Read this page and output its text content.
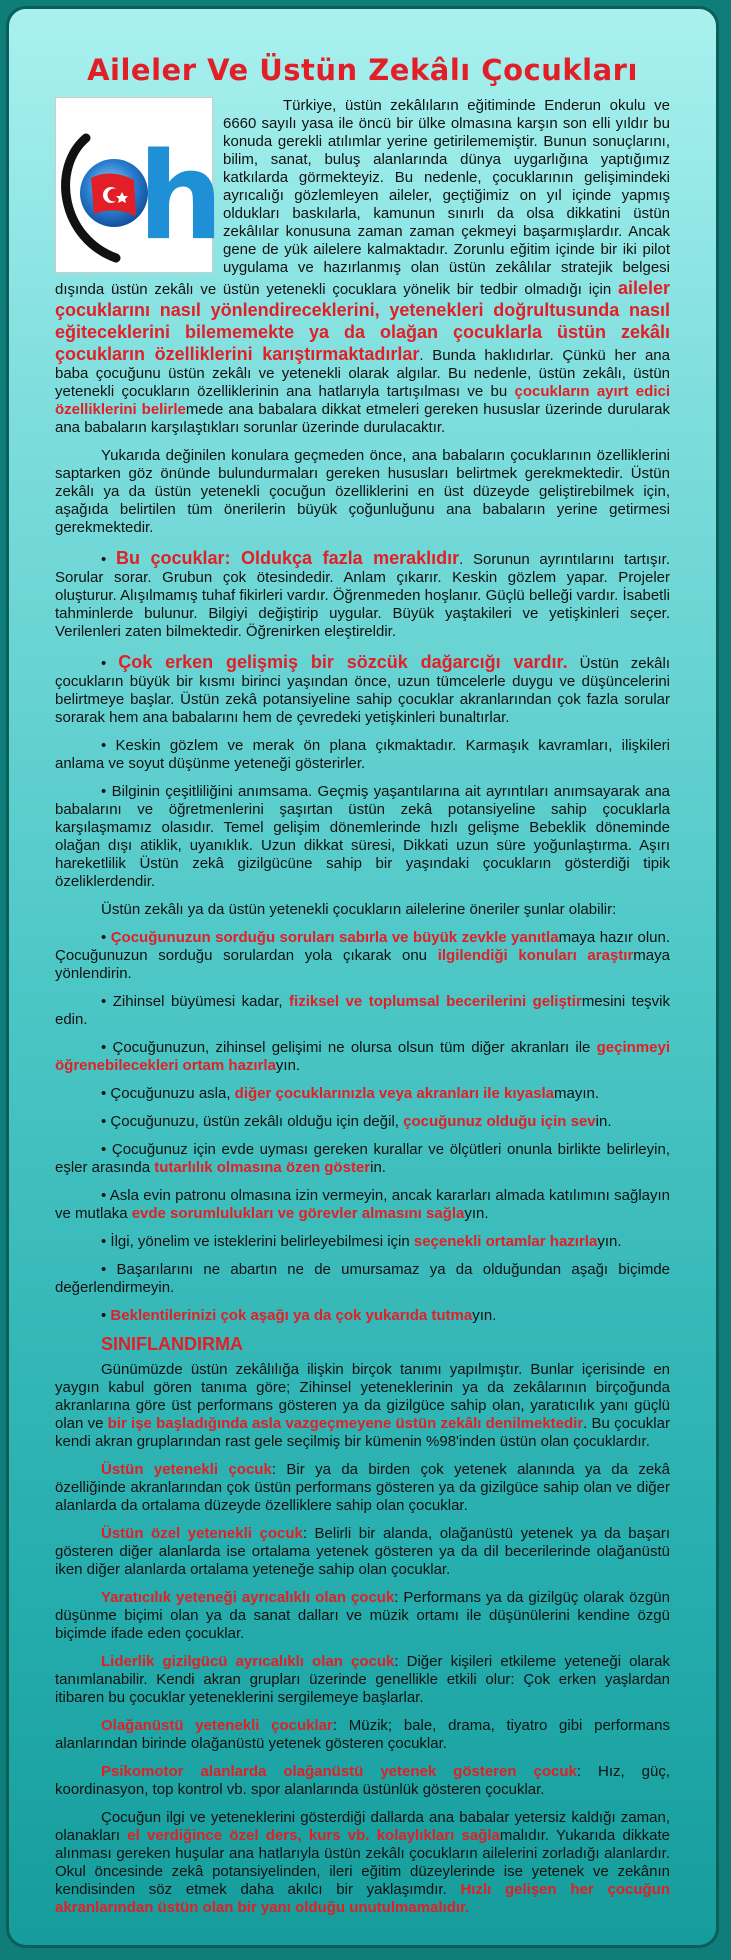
Aileler Ve Üstün Zekâlı Çocukları
h

Türkiye, üstün zekâlıların eğitiminde Enderun okulu ve 6660 sayılı yasa ile öncü bir ülke olmasına karşın son elli yıldır bu konuda gerekli atılımlar yerine getirilememiştir. Bunun sonuçlarını, bilim, sanat, buluş alanlarında dünya uygarlığına yaptığımız katkılarda görmekteyiz. Bu nedenle, çocuklarının gelişimindeki ayrıcalığı gözlemleyen aileler, geçtiğimiz on yıl içinde yapmış oldukları baskılarla, kamunun sınırlı da olsa dikkatini üstün zekâlılar konusuna zaman zaman çekmeyi başarmışlardır. Ancak gene de yük ailelere kalmaktadır. Zorunlu eğitim içinde bir iki pilot uygulama ve hazırlanmış olan üstün zekâlılar stratejik belgesi dışında üstün zekâlı ve üstün yetenekli çocuklara yönelik bir tedbir olmadığı için aileler çocuklarını nasıl yönlendireceklerini, yetenekleri doğrultusunda nasıl eğiteceklerini bilememekte ya da olağan çocuklarla üstün zekâlı çocukların özelliklerini karıştırmaktadırlar. Bunda haklıdırlar. Çünkü her ana baba çocuğunu üstün zekâlı ve yetenekli olarak algılar. Bu nedenle, üstün zekâlı, üstün yetenekli çocukların özelliklerinin ana hatlarıyla tartışılması ve bu çocukların ayırt edici özelliklerini belirlemede ana babalara dikkat etmeleri gereken hususlar üzerinde durularak ana babaların karşılaştıkları sorunlar üzerinde durulacaktır.

Yukarıda değinilen konulara geçmeden önce, ana babaların çocuklarının özelliklerini saptarken göz önünde bulundurmaları gereken hususları belirtmek gerekmektedir. Üstün zekâlı ya da üstün yetenekli çocuğun özelliklerini en üst düzeyde geliştirebilmek için, aşağıda belirtilen tüm önerilerin büyük çoğunluğunu ana babaların yerine getirmesi gerekmektedir.

• Bu çocuklar: Oldukça fazla meraklıdır. Sorunun ayrıntılarını tartışır. Sorular sorar. Grubun çok ötesindedir. Anlam çıkarır. Keskin gözlem yapar. Projeler oluşturur. Alışılmamış tuhaf fikirleri vardır. Öğrenmeden hoşlanır. Güçlü belleği vardır. İsabetli tahminlerde bulunur. Bilgiyi değiştirip uygular. Büyük yaştakileri ve yetişkinleri seçer. Verilenleri zaten bilmektedir. Öğrenirken eleştireldir.

• Çok erken gelişmiş bir sözcük dağarcığı vardır. Üstün zekâlı çocukların büyük bir kısmı birinci yaşından önce, uzun tümcelerle duygu ve düşüncelerini belirtmeye başlar. Üstün zekâ potansiyeline sahip çocuklar akranlarından çok fazla sorular sorarak hem ana babalarını hem de çevredeki yetişkinleri bunaltırlar.

• Keskin gözlem ve merak ön plana çıkmaktadır. Karmaşık kavramları, ilişkileri anlama ve soyut düşünme yeteneği gösterirler.

• Bilginin çeşitliliğini anımsama. Geçmiş yaşantılarına ait ayrıntıları anımsayarak ana babalarını ve öğretmenlerini şaşırtan üstün zekâ potansiyeline sahip çocuklarla karşılaşmamız olasıdır. Temel gelişim dönemlerinde hızlı gelişme Bebeklik döneminde olağan dışı atiklik, uyanıklık. Uzun dikkat süresi, Dikkati uzun süre yoğunlaştırma. Aşırı hareketlilik Üstün zekâ gizilgücüne sahip bir yaşındaki çocukların gösterdiği tipik özeliklerdendir.

Üstün zekâlı ya da üstün yetenekli çocukların ailelerine öneriler şunlar olabilir:

• Çocuğunuzun sorduğu soruları sabırla ve büyük zevkle yanıtlamaya hazır olun. Çocuğunuzun sorduğu sorulardan yola çıkarak onu ilgilendiği konuları araştırmaya yönlendirin.

• Zihinsel büyümesi kadar, fiziksel ve toplumsal becerilerini geliştirmesini teşvik edin.

• Çocuğunuzun, zihinsel gelişimi ne olursa olsun tüm diğer akranları ile geçinmeyi öğrenebilecekleri ortam hazırlayın.

• Çocuğunuzu asla, diğer çocuklarınızla veya akranları ile kıyaslamayın.

• Çocuğunuzu, üstün zekâlı olduğu için değil, çocuğunuz olduğu için sevin.

• Çocuğunuz için evde uyması gereken kurallar ve ölçütleri onunla birlikte belirleyin, eşler arasında tutarlılık olmasına özen gösterin.

• Asla evin patronu olmasına izin vermeyin, ancak kararları almada katılımını sağlayın ve mutlaka evde sorumlulukları ve görevler almasını sağlayın.

• İlgi, yönelim ve isteklerini belirleyebilmesi için seçenekli ortamlar hazırlayın.

• Başarılarını ne abartın ne de umursamaz ya da olduğundan aşağı biçimde değerlendirmeyin.

• Beklentilerinizi çok aşağı ya da çok yukarıda tutmayın.

SINIFLANDIRMA

Günümüzde üstün zekâlılığa ilişkin birçok tanımı yapılmıştır. Bunlar içerisinde en yaygın kabul gören tanıma göre; Zihinsel yeteneklerinin ya da zekâlarının birçoğunda akranlarına göre üst performans gösteren ya da gizilgüce sahip olan, yaratıcılık yanı güçlü olan ve bir işe başladığında asla vazgeçmeyene üstün zekâlı denilmektedir. Bu çocuklar kendi akran gruplarından rast gele seçilmiş bir kümenin %98'inden üstün olan çocuklardır.

Üstün yetenekli çocuk: Bir ya da birden çok yetenek alanında ya da zekâ özelliğinde akranlarından çok üstün performans gösteren ya da gizilgüce sahip olan ve diğer alanlarda da ortalama düzeyde özelliklere sahip olan çocuklar.

Üstün özel yetenekli çocuk: Belirli bir alanda, olağanüstü yetenek ya da başarı gösteren diğer alanlarda ise ortalama yetenek gösteren ya da dil becerilerinde olağanüstü iken diğer alanlarda ortalama yeteneğe sahip olan çocuklar.

Yaratıcılık yeteneği ayrıcalıklı olan çocuk: Performans ya da gizilgüç olarak özgün düşünme biçimi olan ya da sanat dalları ve müzik ortamı ile düşünülerini kendine özgü biçimde ifade eden çocuklar.

Liderlik gizilgücü ayrıcalıklı olan çocuk: Diğer kişileri etkileme yeteneği olarak tanımlanabilir. Kendi akran grupları üzerinde genellikle etkili olur: Çok erken yaşlardan itibaren bu çocuklar yeteneklerini sergilemeye başlarlar.

Olağanüstü yetenekli çocuklar: Müzik; bale, drama, tiyatro gibi performans alanlarından birinde olağanüstü yetenek gösteren çocuklar.

Psikomotor alanlarda olağanüstü yetenek gösteren çocuk: Hız, güç, koordinasyon, top kontrol vb. spor alanlarında üstünlük gösteren çocuklar.

Çocuğun ilgi ve yeteneklerini gösterdiği dallarda ana babalar yetersiz kaldığı zaman, olanakları el verdiğince özel ders, kurs vb. kolaylıkları sağlamalıdır. Yukarıda dikkate alınması gereken huşular ana hatlarıyla üstün zekâlı çocukların ailelerini zorladığı alanlardır. Okul öncesinde zekâ potansiyelinden, ileri eğitim düzeylerinde ise yetenek ve zekânın kendisinden söz etmek daha akılcı bir yaklaşımdır. Hızlı gelişen her çocuğun akranlarından üstün olan bir yanı olduğu unutulmamalıdır.
